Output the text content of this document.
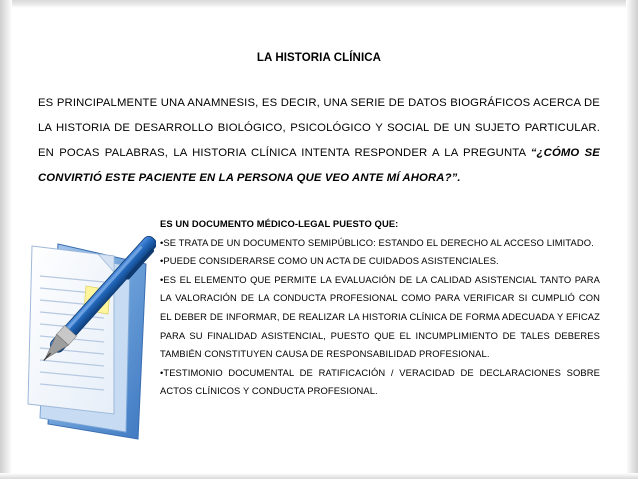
LA HISTORIA CLÍNICA
ES PRINCIPALMENTE UNA ANAMNESIS, ES DECIR, UNA SERIE DE DATOS BIOGRÁFICOS ACERCA DE LA HISTORIA DE DESARROLLO BIOLÓGICO, PSICOLÓGICO Y SOCIAL DE UN SUJETO PARTICULAR. EN POCAS PALABRAS, LA HISTORIA CLÍNICA INTENTA RESPONDER A LA PREGUNTA “¿CÓMO SE CONVIRTIÓ ESTE PACIENTE EN LA PERSONA QUE VEO ANTE MÍ AHORA?”.

ES UN DOCUMENTO MÉDICO-LEGAL PUESTO QUE:

•SE TRATA DE UN DOCUMENTO SEMIPÚBLICO: ESTANDO EL DERECHO AL ACCESO LIMITADO.

•PUEDE CONSIDERARSE COMO UN ACTA DE CUIDADOS ASISTENCIALES.

•ES EL ELEMENTO QUE PERMITE LA EVALUACIÓN DE LA CALIDAD ASISTENCIAL TANTO PARA LA VALORACIÓN DE LA CONDUCTA PROFESIONAL COMO PARA VERIFICAR SI CUMPLIÓ CON EL DEBER DE INFORMAR, DE REALIZAR LA HISTORIA CLÍNICA DE FORMA ADECUADA Y EFICAZ PARA SU FINALIDAD ASISTENCIAL, PUESTO QUE EL INCUMPLIMIENTO DE TALES DEBERES TAMBIÉN CONSTITUYEN CAUSA DE RESPONSABILIDAD PROFESIONAL.

•TESTIMONIO DOCUMENTAL DE RATIFICACIÓN / VERACIDAD DE DECLARACIONES SOBRE ACTOS CLÍNICOS Y CONDUCTA PROFESIONAL.
